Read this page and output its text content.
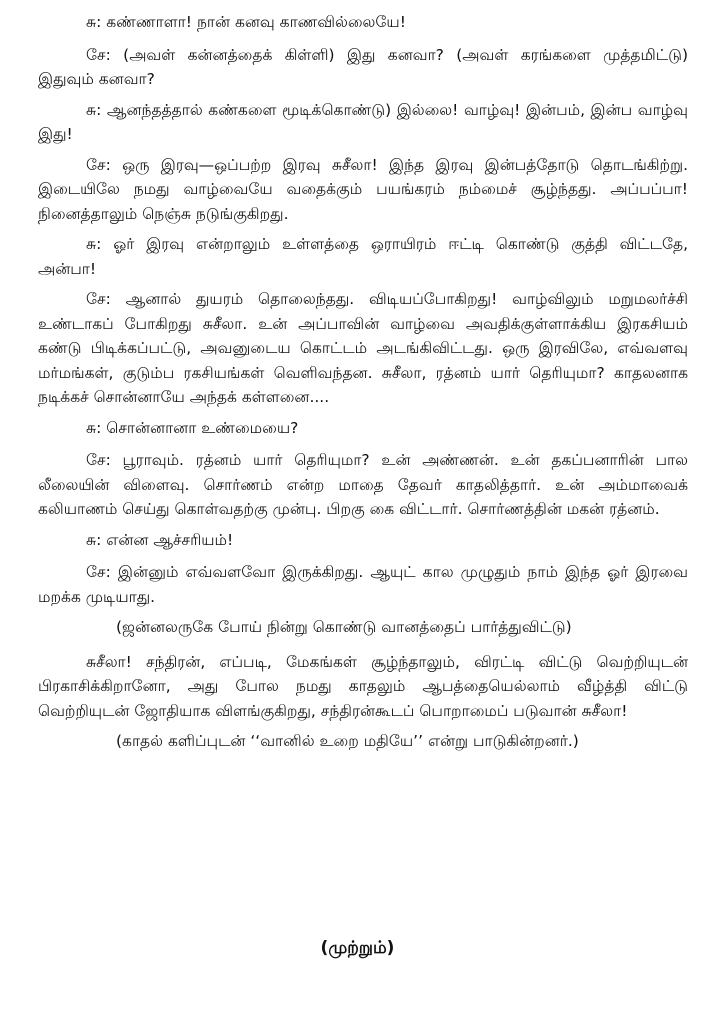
சு: கண்ணாளா! நான் கனவு காணவில்லையே!

சே: (அவள் கன்னத்தைக் கிள்ளி) இது கனவா? (அவள் கரங்களை முத்தமிட்டு) இதுவும் கனவா?

சு: ஆனந்தத்தால் கண்களை மூடிக்கொண்டு) இல்லை! வாழ்வு! இன்பம், இன்ப வாழ்வு இது!

சே: ஒரு இரவு—ஒப்பற்ற இரவு சுசீலா! இந்த இரவு இன்பத்தோடு தொடங்கிற்று. இடையிலே நமது வாழ்வையே வதைக்கும் பயங்கரம் நம்மைச் சூழ்ந்தது. அப்பப்பா! நினைத்தாலும் நெஞ்சு நடுங்குகிறது.

சு: ஓர் இரவு என்றாலும் உள்ளத்தை ஒராயிரம் ஈட்டி கொண்டு குத்தி விட்டதே, அன்பா!

சே: ஆனால் துயரம் தொலைந்தது. விடியப்போகிறது! வாழ்விலும் மறுமலர்ச்சி உண்டாகப் போகிறது சுசீலா. உன் அப்பாவின் வாழ்வை அவதிக்குள்ளாக்கிய இரகசியம் கண்டு பிடிக்கப்பட்டு, அவனுடைய கொட்டம் அடங்கிவிட்டது. ஒரு இரவிலே, எவ்வளவு மர்மங்கள், குடும்ப ரகசியங்கள் வெளிவந்தன. சுசீலா, ரத்னம் யார் தெரியுமா? காதலனாக நடிக்கச் சொன்னாயே அந்தக் கள்ளனை....

சு: சொன்னானா உண்மையை?

சே: பூராவும். ரத்னம் யார் தெரியுமா? உன் அண்ணன். உன் தகப்பனாரின் பால லீலையின் விளைவு. சொர்ணம் என்ற மாதை தேவர் காதலித்தார். உன் அம்மாவைக் கலியாணம் செய்து கொள்வதற்கு முன்பு. பிறகு கை விட்டார். சொர்ணத்தின் மகன் ரத்னம்.

சு: என்ன ஆச்சரியம்!

சே: இன்னும் எவ்வளவோ இருக்கிறது. ஆயுட் கால முழுதும் நாம் இந்த ஓர் இரவை மறக்க முடியாது.

(ஜன்னலருகே போய் நின்று கொண்டு வானத்தைப் பார்த்துவிட்டு)

சுசீலா! சந்திரன், எப்படி, மேகங்கள் சூழ்ந்தாலும், விரட்டி விட்டு வெற்றியுடன் பிரகாசிக்கிறானோ, அது போல நமது காதலும் ஆபத்தையெல்லாம் வீழ்த்தி விட்டு வெற்றியுடன் ஜோதியாக விளங்குகிறது, சந்திரன்கூடப் பொறாமைப் படுவான் சுசீலா!

(காதல் களிப்புடன் ‘‘வானில் உறை மதியே’’ என்று பாடுகின்றனர்.)

(முற்றும்)
